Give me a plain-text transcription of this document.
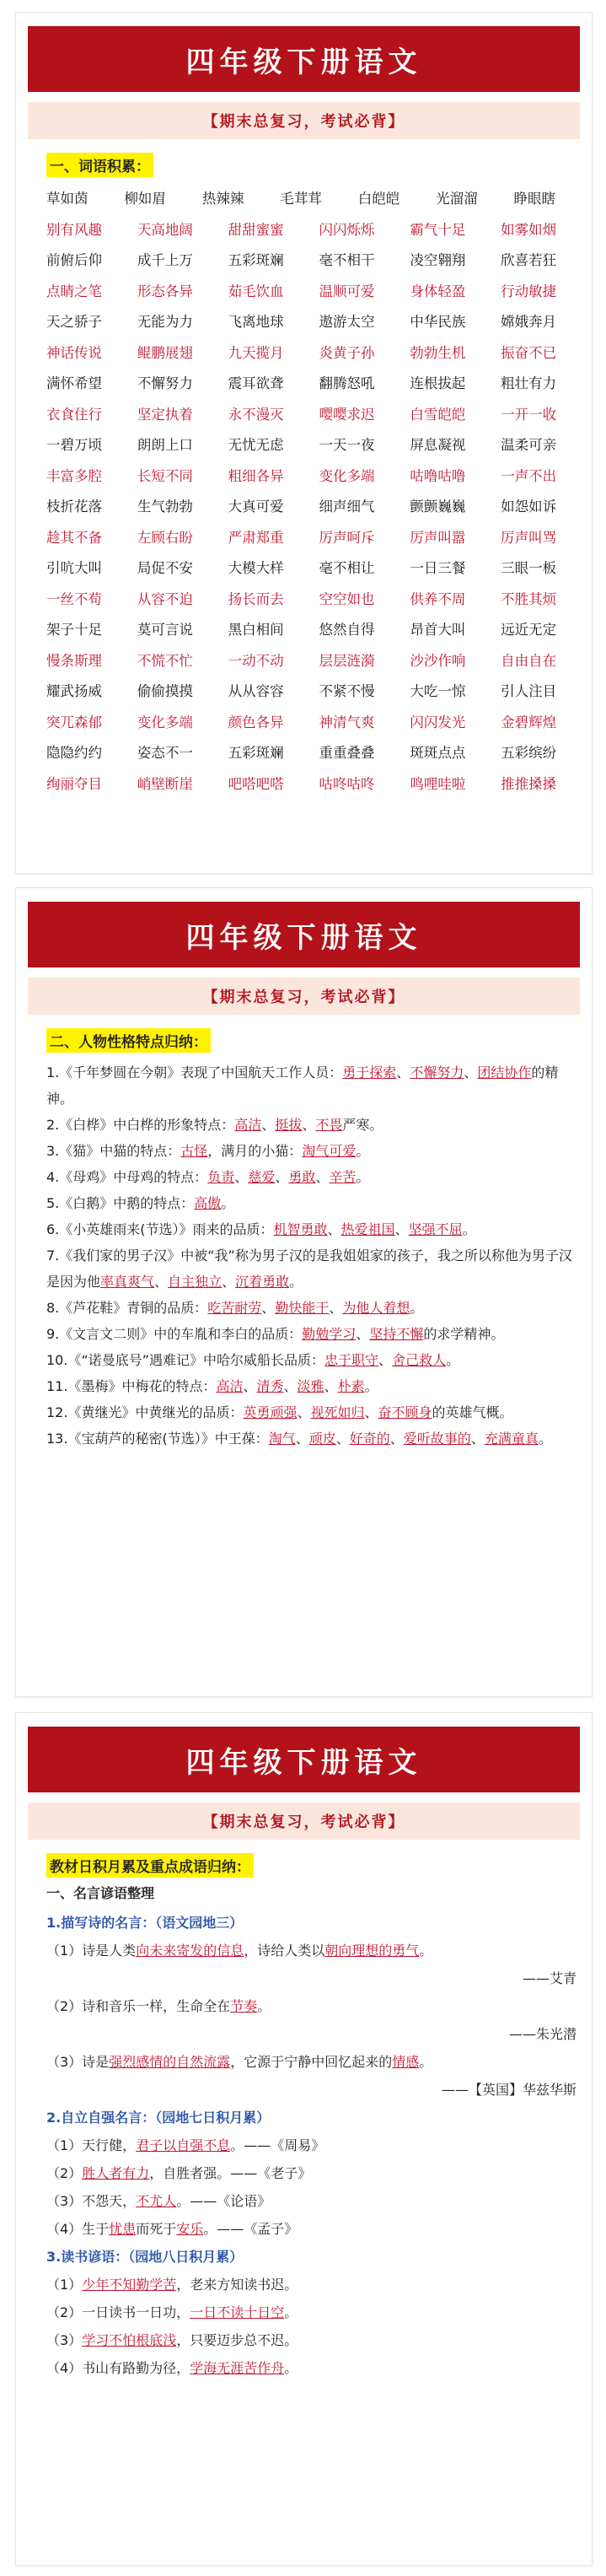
四年级下册语文
【期末总复习，考试必背】
一、词语积累：
草如茵	柳如眉	热辣辣	毛茸茸	白皑皑	光溜溜	睁眼瞎
别有风趣	天高地阔	甜甜蜜蜜	闪闪烁烁	霸气十足	如雾如烟
前俯后仰	成千上万	五彩斑斓	毫不相干	凌空翱翔	欣喜若狂
点睛之笔	形态各异	茹毛饮血	温顺可爱	身体轻盈	行动敏捷
天之骄子	无能为力	飞离地球	遨游太空	中华民族	嫦娥奔月
神话传说	鲲鹏展翅	九天揽月	炎黄子孙	勃勃生机	振奋不已
满怀希望	不懈努力	震耳欲聋	翻腾怒吼	连根拔起	粗壮有力
衣食住行	坚定执着	永不漫灭	嘤嘤求迟	白雪皑皑	一开一收
一碧万顷	朗朗上口	无忧无虑	一天一夜	屏息凝视	温柔可亲
丰富多腔	长短不同	粗细各异	变化多端	咕噜咕噜	一声不出
枝折花落	生气勃勃	大真可爱	细声细气	颤颤巍巍	如怨如诉
趁其不备	左顾右盼	严肃郑重	厉声呵斥	厉声叫嚣	厉声叫骂
引吭大叫	局促不安	大模大样	毫不相让	一日三餐	三眼一板
一丝不苟	从容不迫	扬长而去	空空如也	供养不周	不胜其烦
架子十足	莫可言说	黑白相间	悠然自得	昂首大叫	远近无定
慢条斯理	不慌不忙	一动不动	层层涟漪	沙沙作响	自由自在
耀武扬威	偷偷摸摸	从从容容	不紧不慢	大吃一惊	引人注目
突兀森郁	变化多端	颜色各异	神清气爽	闪闪发光	金碧辉煌
隐隐约约	姿态不一	五彩斑斓	重重叠叠	斑斑点点	五彩缤纷
绚丽夺目	峭壁断崖	吧嗒吧嗒	咕咚咕咚	鸣哩哇啦	推推搡搡
四年级下册语文
【期末总复习，考试必背】
二、人物性格特点归纳：
1.《千年梦圆在今朝》表现了中国航天工作人员：勇于探索、不懈努力、团结协作的精神。
2.《白桦》中白桦的形象特点：高洁、挺拔、不畏严寒。
3.《猫》中猫的特点：古怪，满月的小猫：淘气可爱。
4.《母鸡》中母鸡的特点：负责、慈爱、勇敢、辛苦。
5.《白鹅》中鹅的特点：高傲。
6.《小英雄雨来(节选）》雨来的品质：机智勇敢、热爱祖国、坚强不屈。
7.《我们家的男子汉》中被“我”称为男子汉的是我姐姐家的孩子，我之所以称他为男子汉是因为他率真爽气、自主独立、沉着勇敢。
8.《芦花鞋》青铜的品质：吃苦耐劳、勤快能干、为他人着想。
9.《文言文二则》中的车胤和李白的品质：勤勉学习、坚持不懈的求学精神。
10.《“诺曼底号”遇难记》中哈尔威船长品质：忠于职守、舍己救人。
11.《墨梅》中梅花的特点：高洁、清秀、淡雅、朴素。
12.《黄继光》中黄继光的品质：英勇顽强、视死如归、奋不顾身的英雄气概。
13.《宝葫芦的秘密(节选）》中王葆：淘气、顽皮、好奇的、爱听故事的、充满童真。
四年级下册语文
【期末总复习，考试必背】
教材日积月累及重点成语归纳：
一、名言谚语整理
1.描写诗的名言：（语文园地三）
（1）诗是人类向未来寄发的信息，诗给人类以朝向理想的勇气。
——艾青
（2）诗和音乐一样，生命全在节奏。
——朱光潜
（3）诗是强烈感情的自然流露，它源于宁静中回忆起来的情感。
——【英国】华兹华斯
2.自立自强名言：（园地七日积月累）
（1）天行健，君子以自强不息。——《周易》
（2）胜人者有力，自胜者强。——《老子》
（3）不怨天，不尤人。——《论语》
（4）生于忧患而死于安乐。——《孟子》
3.读书谚语：（园地八日积月累）
（1）少年不知勤学苦，老来方知读书迟。
（2）一日读书一日功，一日不读十日空。
（3）学习不怕根底浅，只要迈步总不迟。
（4）书山有路勤为径，学海无涯苦作舟。
